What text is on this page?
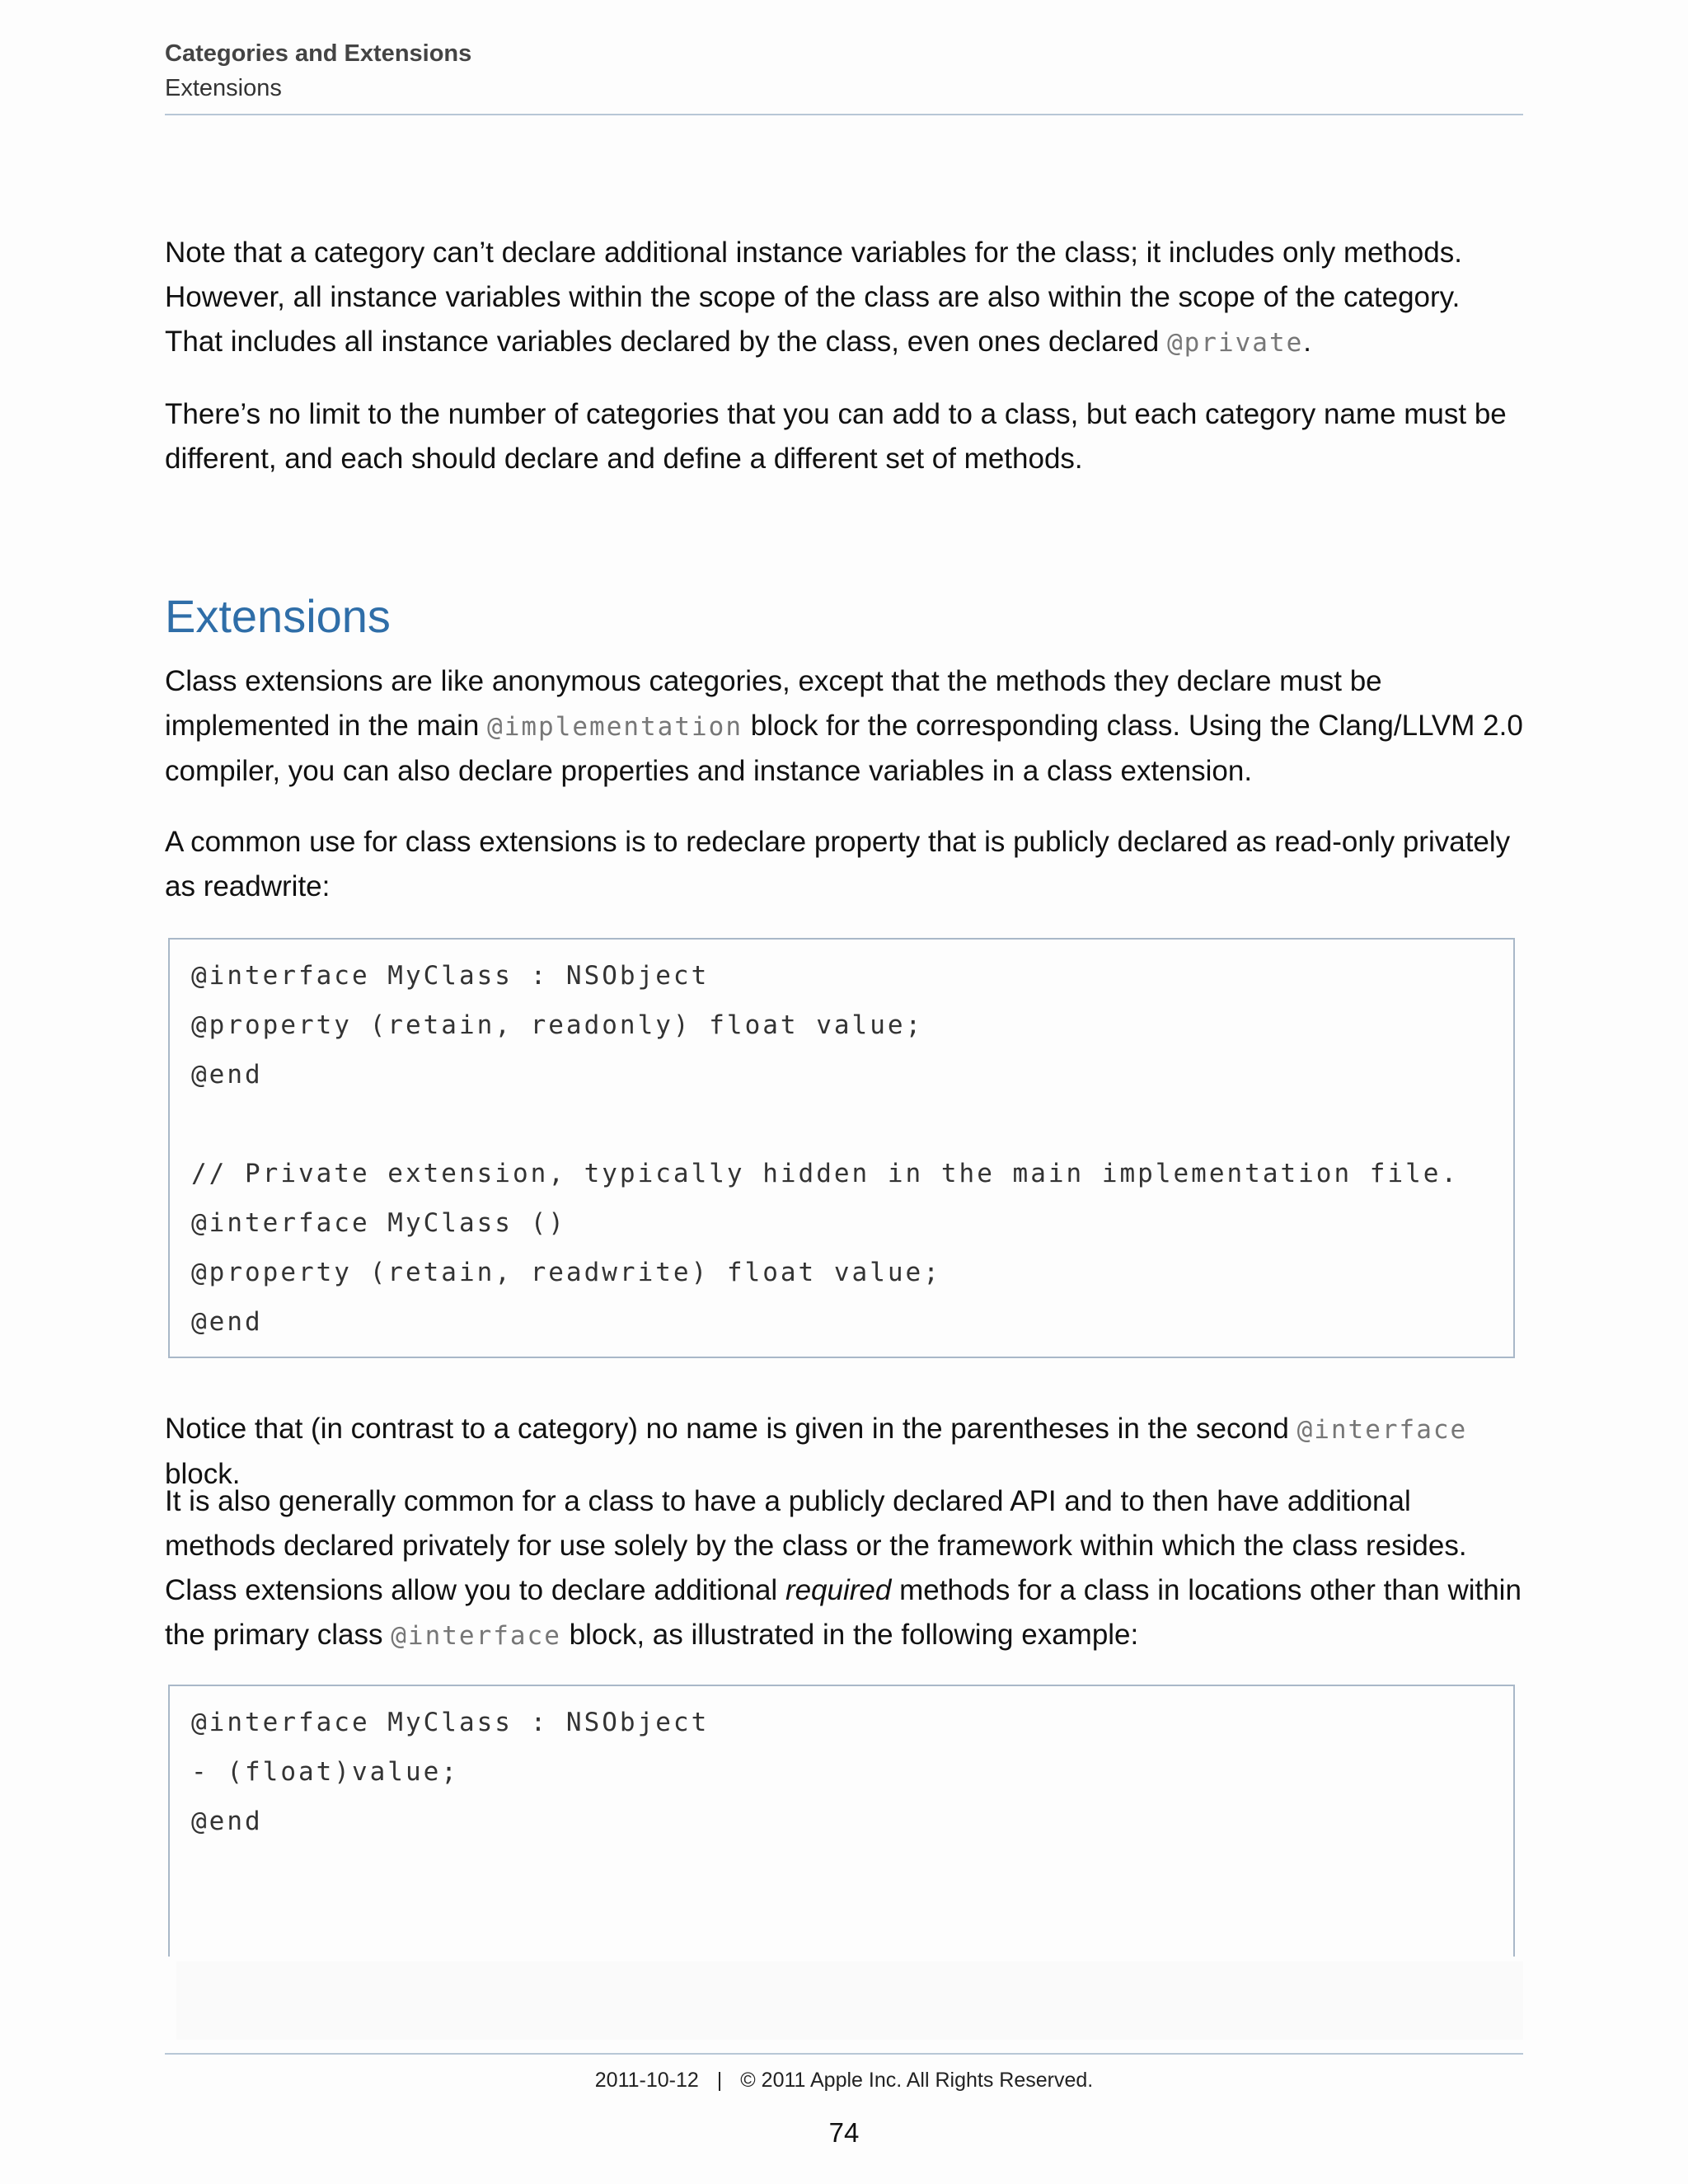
Categories and Extensions
Extensions

Note that a category can’t declare additional instance variables for the class; it includes only methods. However, all instance variables within the scope of the class are also within the scope of the category. That includes all instance variables declared by the class, even ones declared @private.

There’s no limit to the number of categories that you can add to a class, but each category name must be different, and each should declare and define a different set of methods.

Extensions

Class extensions are like anonymous categories, except that the methods they declare must be implemented in the main @implementation block for the corresponding class. Using the Clang/LLVM 2.0 compiler, you can also declare properties and instance variables in a class extension.

A common use for class extensions is to redeclare property that is publicly declared as read-only privately as readwrite:

@interface MyClass : NSObject
@property (retain, readonly) float value;
@end
// Private extension, typically hidden in the main implementation file.
@interface MyClass ()
@property (retain, readwrite) float value;
@end

Notice that (in contrast to a category) no name is given in the parentheses in the second @interface block.

It is also generally common for a class to have a publicly declared API and to then have additional methods declared privately for use solely by the class or the framework within which the class resides. Class extensions allow you to declare additional required methods for a class in locations other than within the primary class @interface block, as illustrated in the following example:

@interface MyClass : NSObject
- (float)value;
@end
2011-10-12 | © 2011 Apple Inc. All Rights Reserved.
74
